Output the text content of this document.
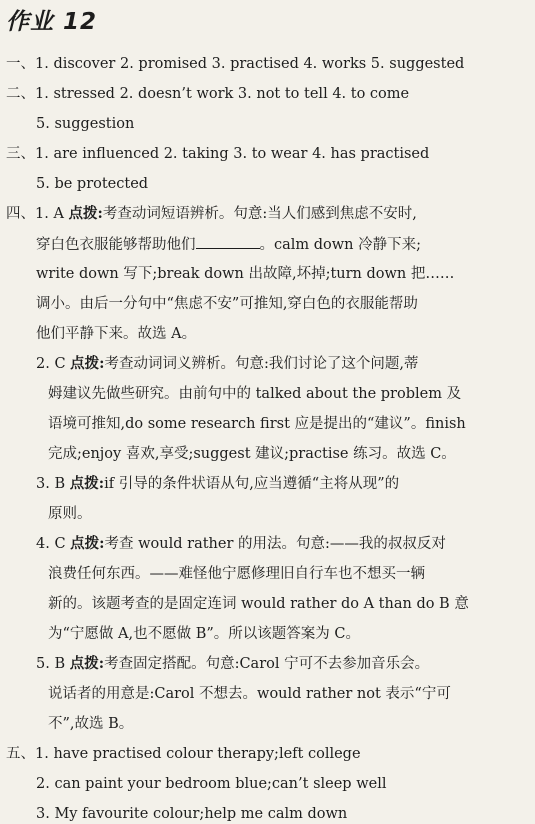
作业 12
一、1. discover 2. promised 3. practised 4. works 5. suggested
二、1. stressed 2. doesn’t work 3. not to tell 4. to come
5. suggestion
三、1. are influenced 2. taking 3. to wear 4. has practised
5. be protected
四、1. A 点拨:考查动词短语辨析。句意:当人们感到焦虑不安时,
穿白色衣服能够帮助他们	。calm down 冷静下来;
write down 写下;break down 出故障,坏掉;turn down 把……
调小。由后一分句中“焦虑不安”可推知,穿白色的衣服能帮助
他们平静下来。故选 A。
2. C 点拨:考查动词词义辨析。句意:我们讨论了这个问题,蒂
姆建议先做些研究。由前句中的 talked about the problem 及
语境可推知,do some research first 应是提出的“建议”。finish
完成;enjoy 喜欢,享受;suggest 建议;practise 练习。故选 C。
3. B 点拨:if 引导的条件状语从句,应当遵循“主将从现”的
原则。
4. C 点拨:考查 would rather 的用法。句意:——我的叔叔反对
浪费任何东西。——难怪他宁愿修理旧自行车也不想买一辆
新的。该题考查的是固定连词 would rather do A than do B 意
为“宁愿做 A,也不愿做 B”。所以该题答案为 C。
5. B 点拨:考查固定搭配。句意:Carol 宁可不去参加音乐会。
说话者的用意是:Carol 不想去。would rather not 表示“宁可
不”,故选 B。
五、1. have practised colour therapy;left college
2. can paint your bedroom blue;can’t sleep well
3. My favourite colour;help me calm down
